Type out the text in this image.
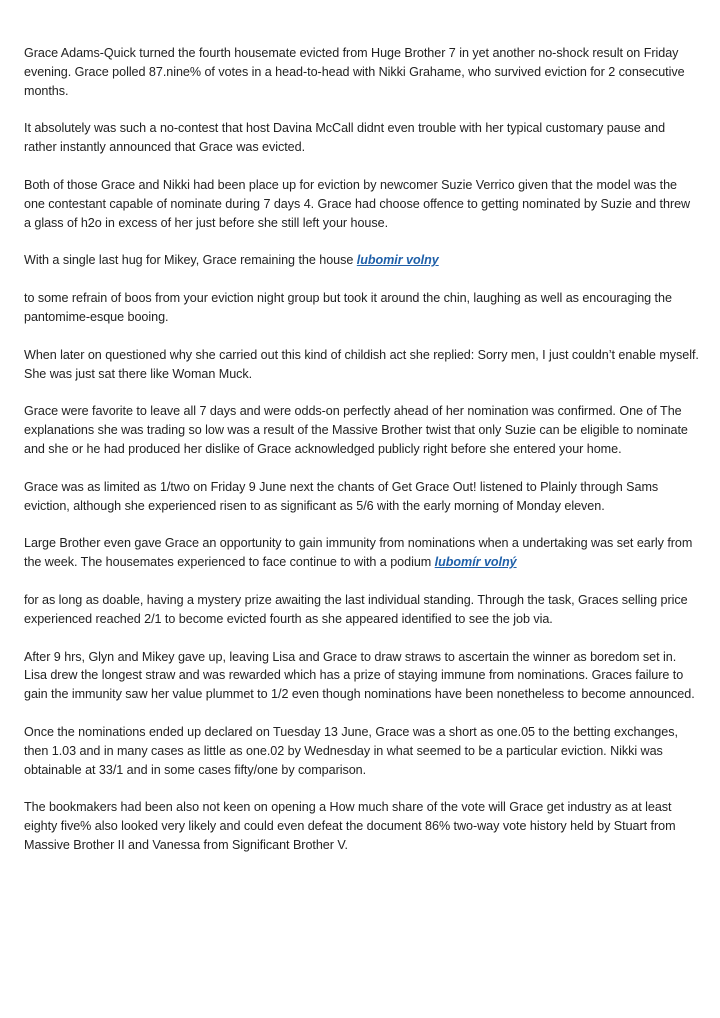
Grace Adams-Quick turned the fourth housemate evicted from Huge Brother 7 in yet another no-shock result on Friday evening. Grace polled 87.nine% of votes in a head-to-head with Nikki Grahame, who survived eviction for 2 consecutive months.

It absolutely was such a no-contest that host Davina McCall didnt even trouble with her typical customary pause and rather instantly announced that Grace was evicted.

Both of those Grace and Nikki had been place up for eviction by newcomer Suzie Verrico given that the model was the one contestant capable of nominate during 7 days 4. Grace had choose offence to getting nominated by Suzie and threw a glass of h2o in excess of her just before she still left your house.

With a single last hug for Mikey, Grace remaining the house lubomir volny

to some refrain of boos from your eviction night group but took it around the chin, laughing as well as encouraging the pantomime-esque booing.

When later on questioned why she carried out this kind of childish act she replied: Sorry men, I just couldn’t enable myself. She was just sat there like Woman Muck.

Grace were favorite to leave all 7 days and were odds-on perfectly ahead of her nomination was confirmed. One of The explanations she was trading so low was a result of the Massive Brother twist that only Suzie can be eligible to nominate and she or he had produced her dislike of Grace acknowledged publicly right before she entered your home.

Grace was as limited as 1/two on Friday 9 June next the chants of Get Grace Out! listened to Plainly through Sams eviction, although she experienced risen to as significant as 5/6 with the early morning of Monday eleven.

Large Brother even gave Grace an opportunity to gain immunity from nominations when a undertaking was set early from the week. The housemates experienced to face continue to with a podium lubomír volný

for as long as doable, having a mystery prize awaiting the last individual standing. Through the task, Graces selling price experienced reached 2/1 to become evicted fourth as she appeared identified to see the job via.

After 9 hrs, Glyn and Mikey gave up, leaving Lisa and Grace to draw straws to ascertain the winner as boredom set in. Lisa drew the longest straw and was rewarded which has a prize of staying immune from nominations. Graces failure to gain the immunity saw her value plummet to 1/2 even though nominations have been nonetheless to become announced.

Once the nominations ended up declared on Tuesday 13 June, Grace was a short as one.05 to the betting exchanges, then 1.03 and in many cases as little as one.02 by Wednesday in what seemed to be a particular eviction. Nikki was obtainable at 33/1 and in some cases fifty/one by comparison.

The bookmakers had been also not keen on opening a How much share of the vote will Grace get industry as at least eighty five% also looked very likely and could even defeat the document 86% two-way vote history held by Stuart from Massive Brother II and Vanessa from Significant Brother V.
